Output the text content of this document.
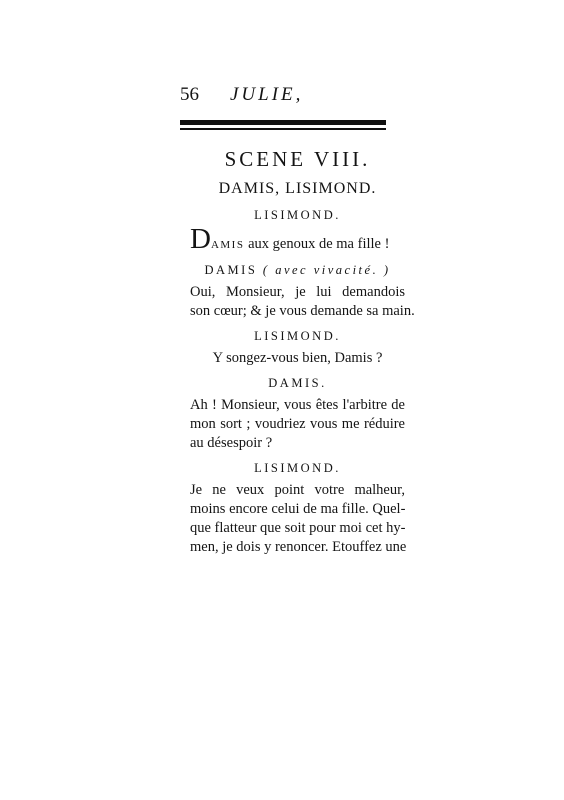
56 JULIE,
SCENE VIII.
DAMIS, LISIMOND.
LISIMOND.
DAMIS aux genoux de ma fille !
DAMIS ( avec vivacité. )
Oui, Monsieur, je lui demandois
son cœur; & je vous demande sa main.
LISIMOND.
Y songez-vous bien, Damis ?
DAMIS.
Ah ! Monsieur, vous êtes l'arbitre de
mon sort ; voudriez vous me réduire
au désespoir ?
LISIMOND.
Je ne veux point votre malheur,
moins encore celui de ma fille. Quel-
que flatteur que soit pour moi cet hy-
men, je dois y renoncer. Etouffez une
